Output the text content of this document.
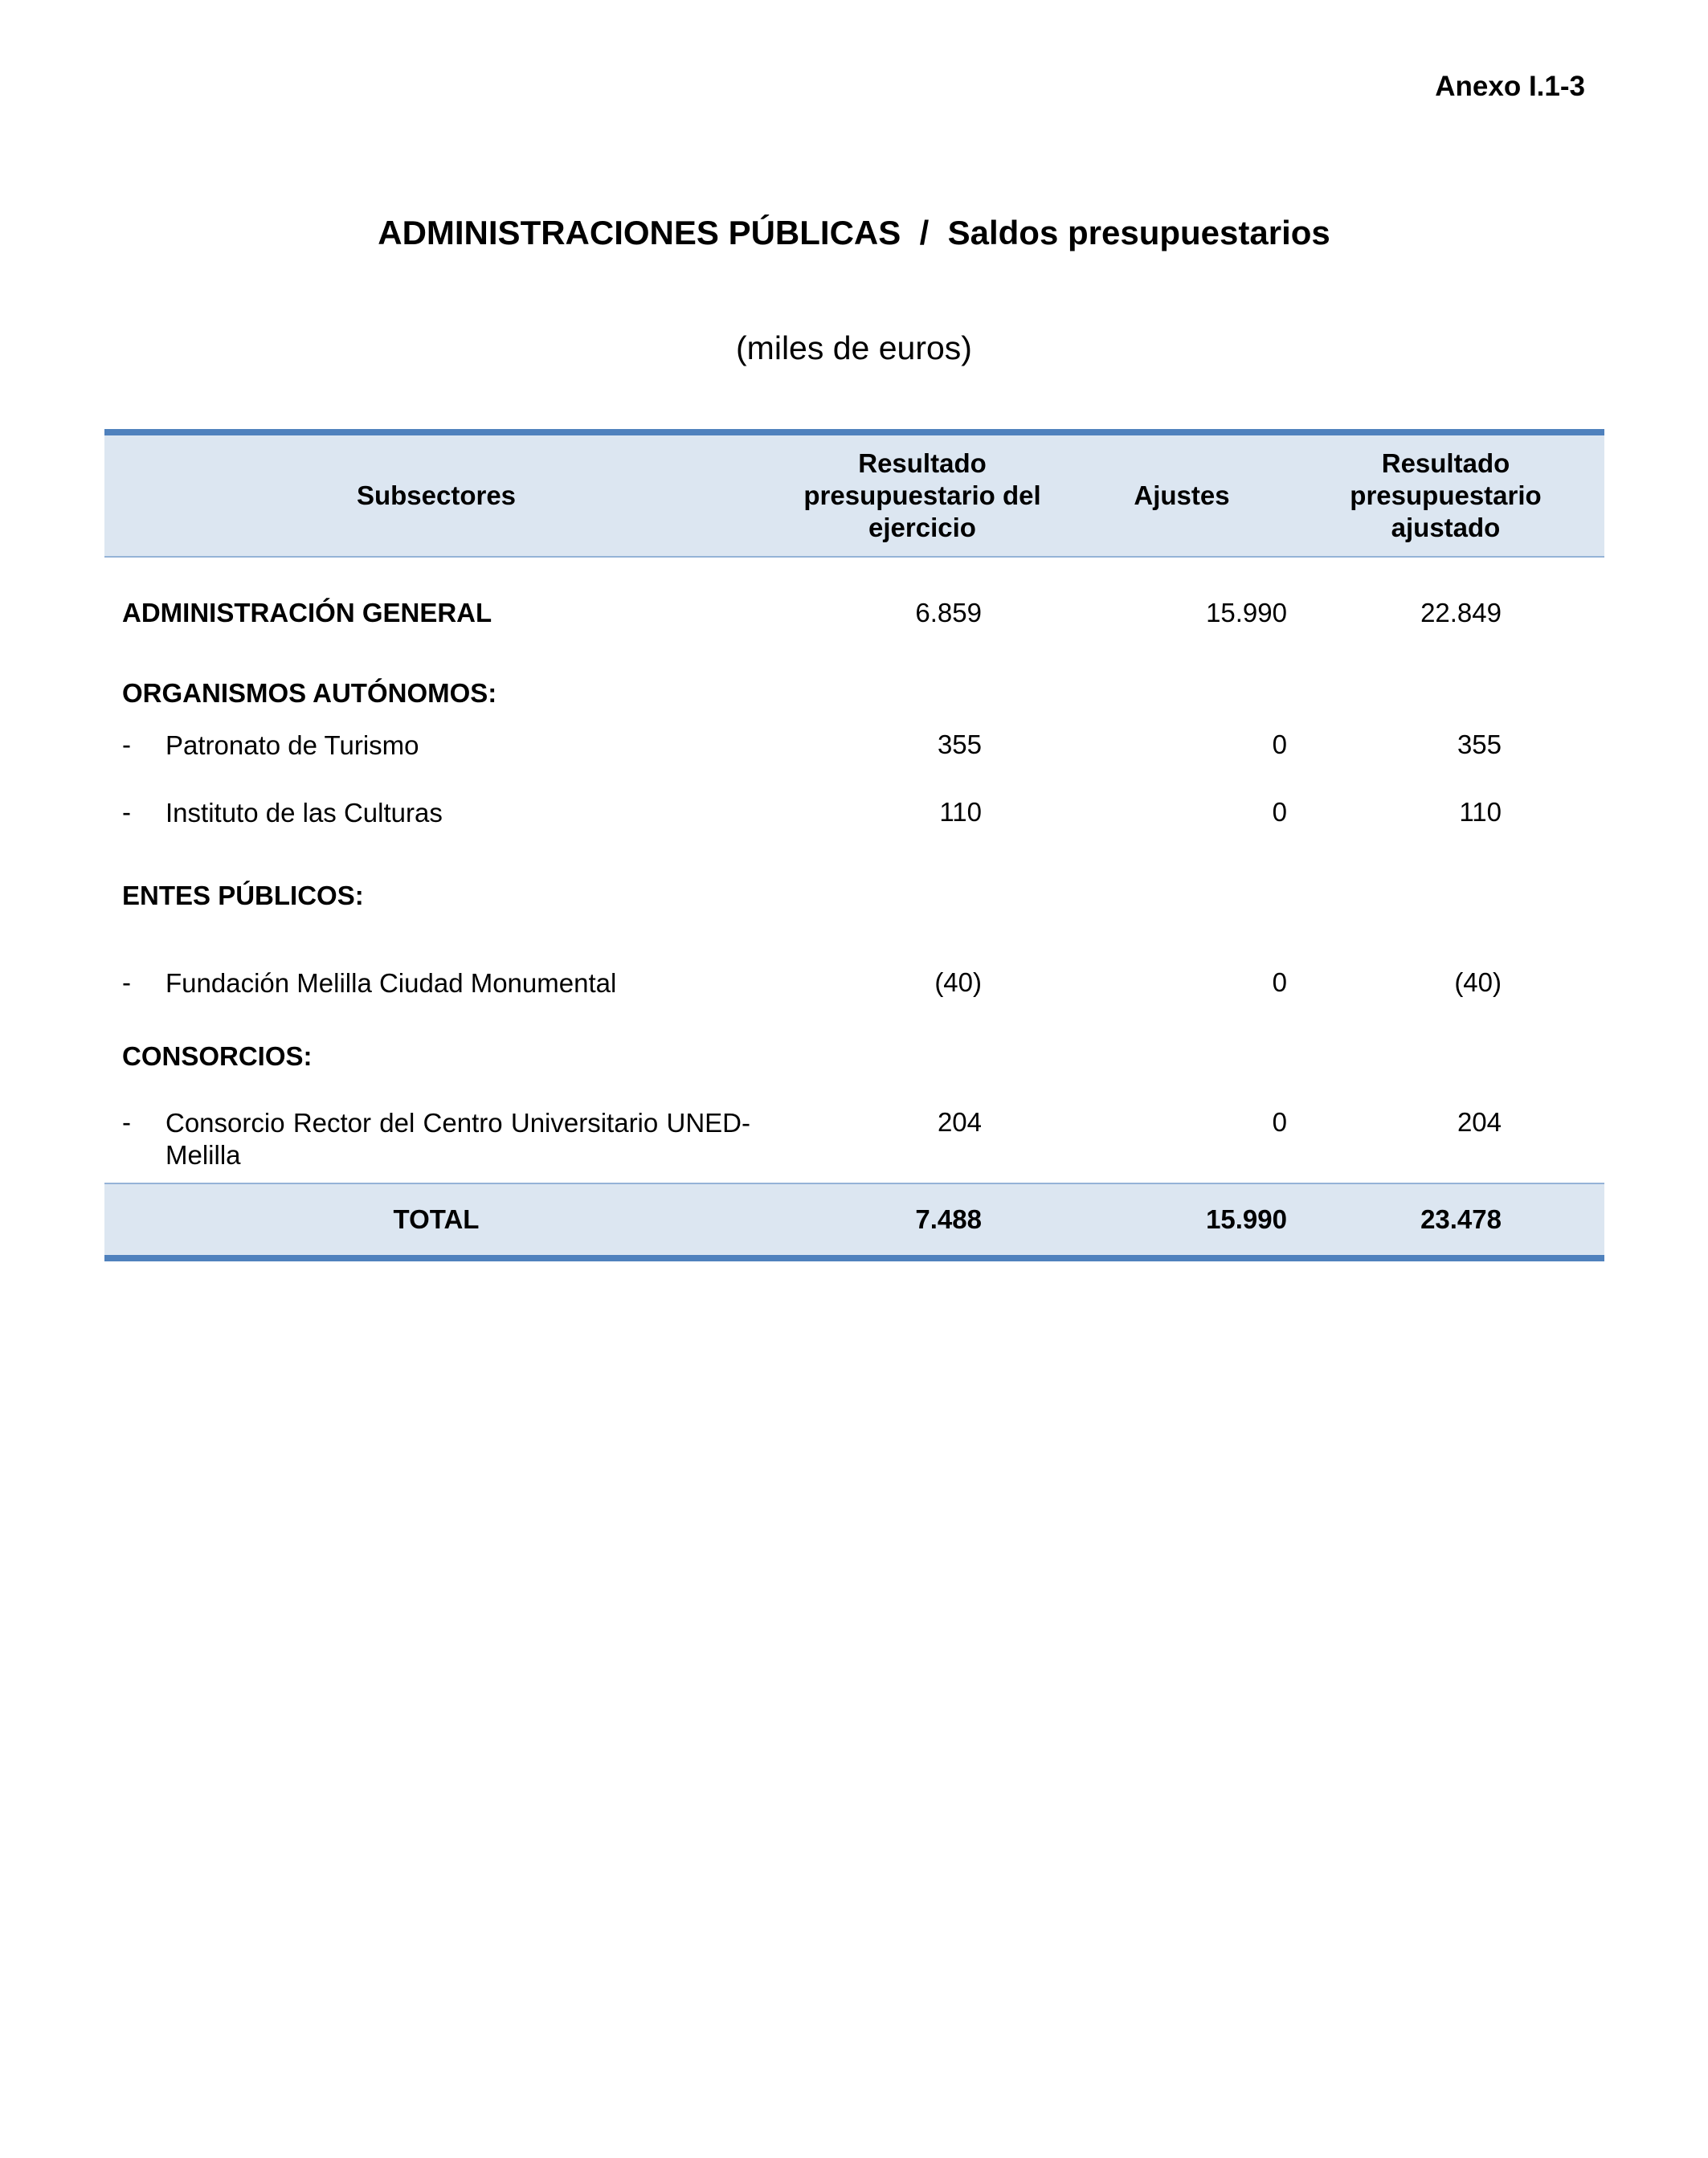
Anexo I.1-3
ADMINISTRACIONES PÚBLICAS  /  Saldos presupuestarios
(miles de euros)
Subsectores	Resultado presupuestario del ejercicio	Ajustes	Resultado presupuestario ajustado
ADMINISTRACIÓN GENERAL	6.859	15.990	22.849
ORGANISMOS AUTÓNOMOS:			

- Patronato de Turismo	355	0	355

- Instituto de las Culturas	110	0	110
ENTES PÚBLICOS:			

- Fundación Melilla Ciudad Monumental	(40)	0	(40)
CONSORCIOS:			

- Consorcio Rector del Centro Universitario UNED-Melilla	204	0	204
TOTAL	7.488	15.990	23.478
